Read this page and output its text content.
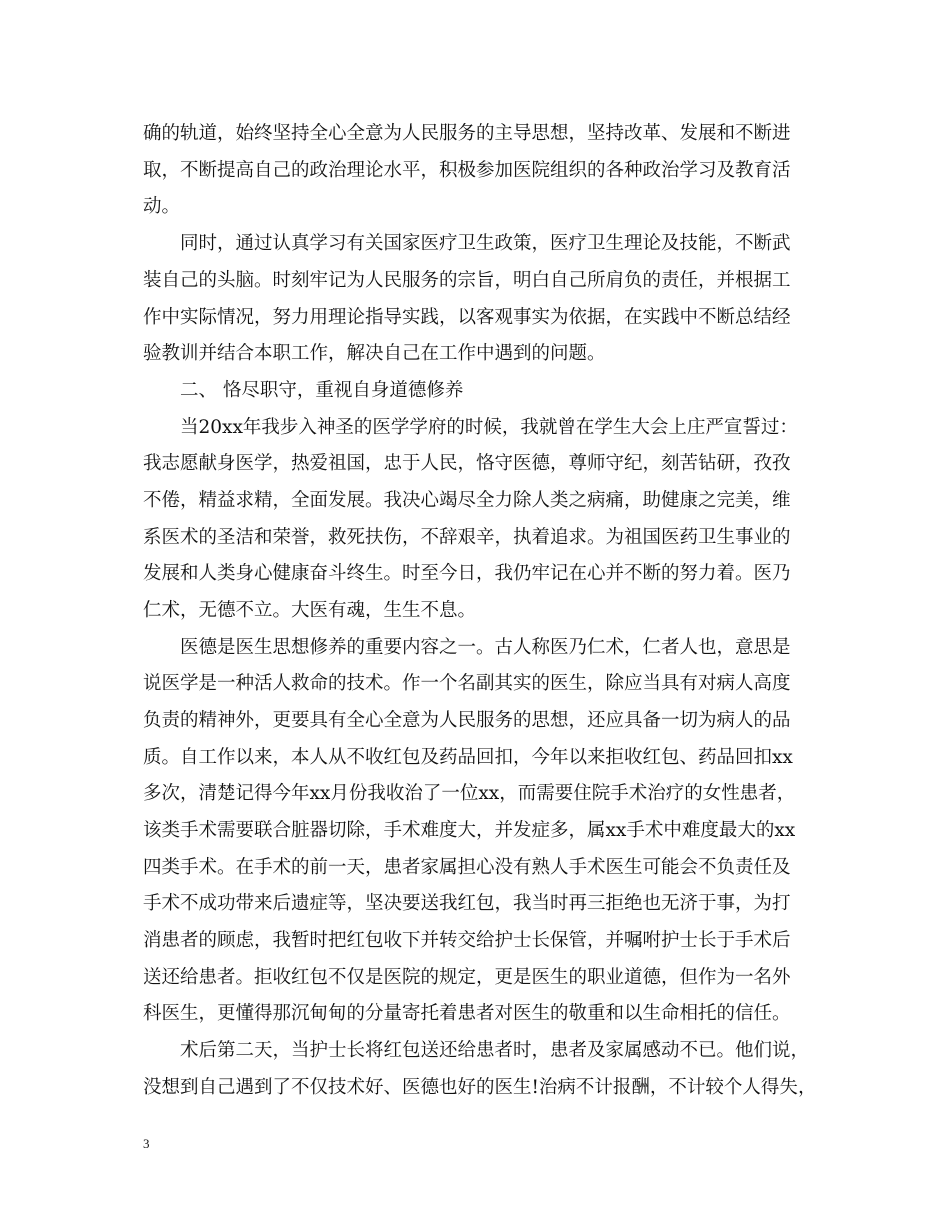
确的轨道，始终坚持全心全意为人民服务的主导思想，坚持改革、发展和不断进
取，不断提高自己的政治理论水平，积极参加医院组织的各种政治学习及教育活
动。
同时，通过认真学习有关国家医疗卫生政策，医疗卫生理论及技能，不断武
装自己的头脑。时刻牢记为人民服务的宗旨，明白自己所肩负的责任，并根据工
作中实际情况，努力用理论指导实践，以客观事实为依据，在实践中不断总结经
验教训并结合本职工作，解决自己在工作中遇到的问题。
二、 恪尽职守，重视自身道德修养
当20xx年我步入神圣的医学学府的时候，我就曾在学生大会上庄严宣誓过：
我志愿献身医学，热爱祖国，忠于人民，恪守医德，尊师守纪，刻苦钻研，孜孜
不倦，精益求精，全面发展。我决心竭尽全力除人类之病痛，助健康之完美，维
系医术的圣洁和荣誉，救死扶伤，不辞艰辛，执着追求。为祖国医药卫生事业的
发展和人类身心健康奋斗终生。时至今日，我仍牢记在心并不断的努力着。医乃
仁术，无德不立。大医有魂，生生不息。
医德是医生思想修养的重要内容之一。古人称医乃仁术，仁者人也，意思是
说医学是一种活人救命的技术。作一个名副其实的医生，除应当具有对病人高度
负责的精神外，更要具有全心全意为人民服务的思想，还应具备一切为病人的品
质。自工作以来，本人从不收红包及药品回扣，今年以来拒收红包、药品回扣xx
多次，清楚记得今年xx月份我收治了一位xx，而需要住院手术治疗的女性患者，
该类手术需要联合脏器切除，手术难度大，并发症多，属xx手术中难度最大的xx
四类手术。在手术的前一天，患者家属担心没有熟人手术医生可能会不负责任及
手术不成功带来后遗症等，坚决要送我红包，我当时再三拒绝也无济于事，为打
消患者的顾虑，我暂时把红包收下并转交给护士长保管，并嘱咐护士长于手术后
送还给患者。拒收红包不仅是医院的规定，更是医生的职业道德，但作为一名外
科医生，更懂得那沉甸甸的分量寄托着患者对医生的敬重和以生命相托的信任。
术后第二天，当护士长将红包送还给患者时，患者及家属感动不已。他们说，
没想到自己遇到了不仅技术好、医德也好的医生!治病不计报酬，不计较个人得失，
3
